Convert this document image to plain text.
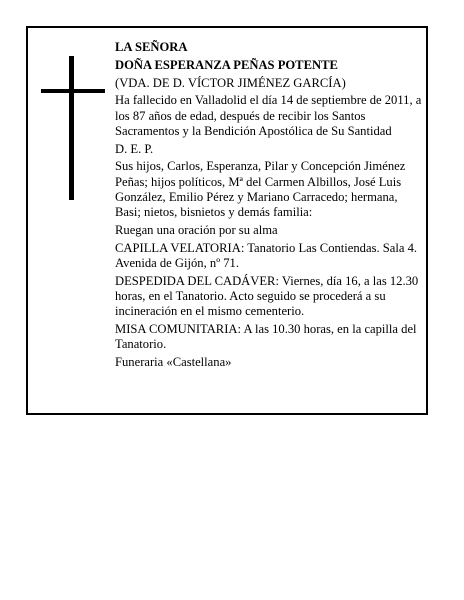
LA SEÑORA
DOÑA ESPERANZA PEÑAS POTENTE
(VDA. DE D. VÍCTOR JIMÉNEZ GARCÍA)
Ha fallecido en Valladolid el día 14 de septiembre de 2011, a los 87 años de edad, después de recibir los Santos Sacramentos y la Bendición Apostólica de Su Santidad
D. E. P.
Sus hijos, Carlos, Esperanza, Pilar y Concepción Jiménez Peñas; hijos políticos, Mª del Carmen Albillos, José Luis González, Emilio Pérez y Mariano Carracedo; hermana, Basi; nietos, bisnietos y demás familia:
Ruegan una oración por su alma
CAPILLA VELATORIA: Tanatorio Las Contiendas. Sala 4. Avenida de Gijón, nº 71.
DESPEDIDA DEL CADÁVER: Viernes, día 16, a las 12.30 horas, en el Tanatorio. Acto seguido se procederá a su incineración en el mismo cementerio.
MISA COMUNITARIA: A las 10.30 horas, en la capilla del Tanatorio.
Funeraria «Castellana»
